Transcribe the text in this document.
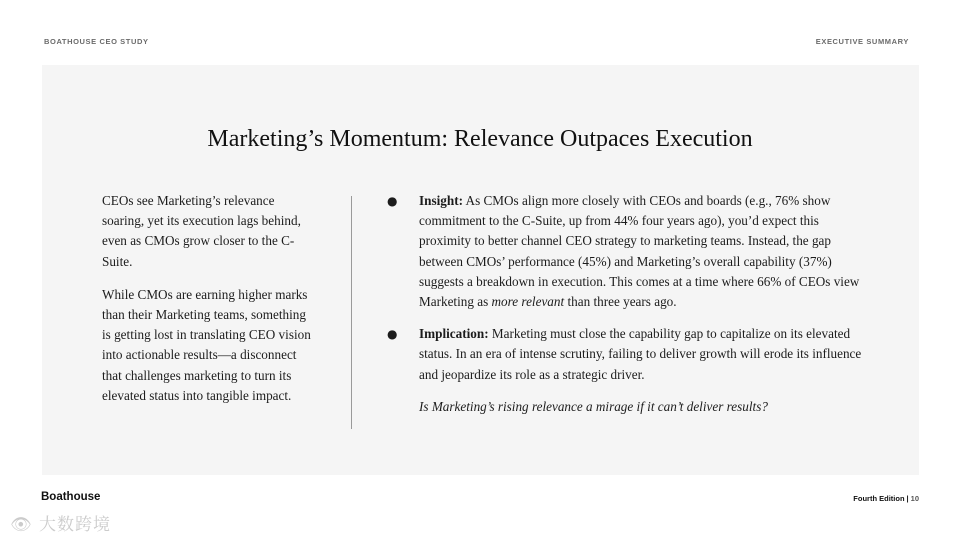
BOATHOUSE CEO STUDY	EXECUTIVE SUMMARY
Marketing’s Momentum: Relevance Outpaces Execution

CEOs see Marketing’s relevance soaring, yet its execution lags behind, even as CMOs grow closer to the C-Suite.

While CMOs are earning higher marks than their Marketing teams, something is getting lost in translating CEO vision into actionable results—a disconnect that challenges marketing to turn its elevated status into tangible impact.

● Insight: As CMOs align more closely with CEOs and boards (e.g., 76% show commitment to the C-Suite, up from 44% four years ago), you’d expect this proximity to better channel CEO strategy to marketing teams. Instead, the gap between CMOs’ performance (45%) and Marketing’s overall capability (37%) suggests a breakdown in execution. This comes at a time where 66% of CEOs view Marketing as more relevant than three years ago.
● Implication: Marketing must close the capability gap to capitalize on its elevated status. In an era of intense scrutiny, failing to deliver growth will erode its influence and jeopardize its role as a strategic driver.
Is Marketing’s rising relevance a mirage if it can’t deliver results?
Boathouse	Fourth Edition | 10
👁 大数跨境
